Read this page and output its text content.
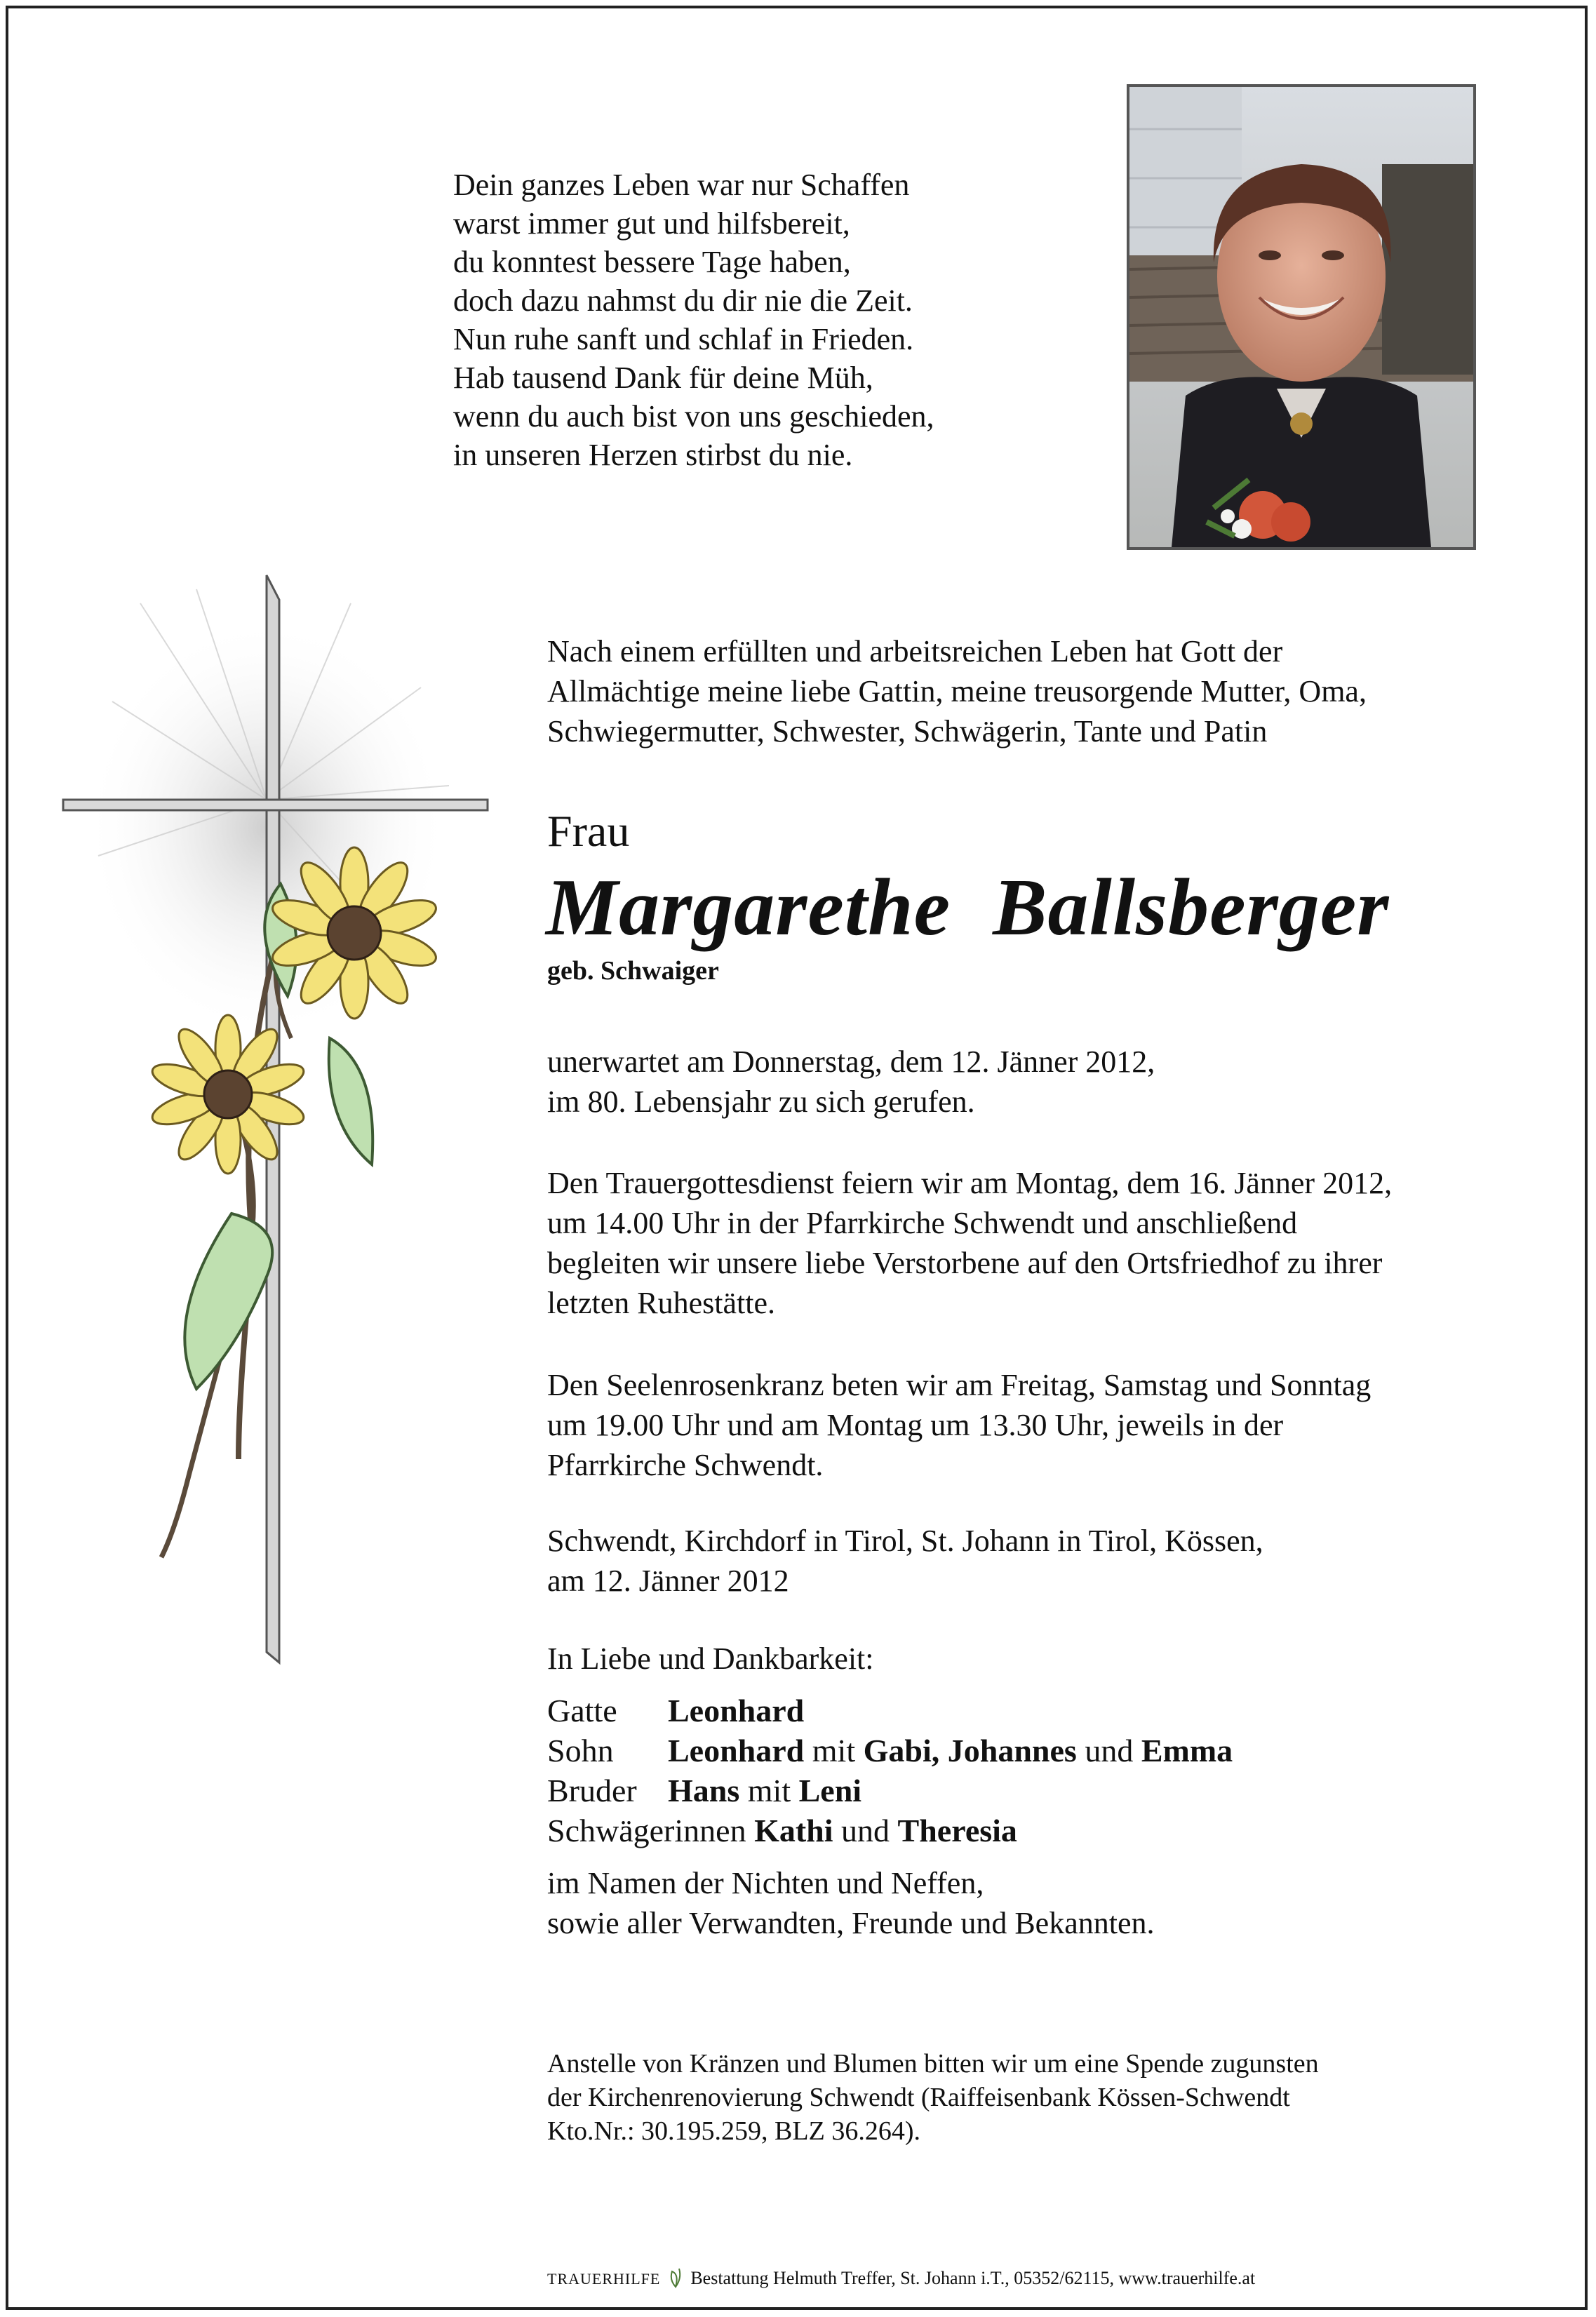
Dein ganzes Leben war nur Schaffen
warst immer gut und hilfsbereit,
du konntest bessere Tage haben,
doch dazu nahmst du dir nie die Zeit.
Nun ruhe sanft und schlaf in Frieden.
Hab tausend Dank für deine Müh,
wenn du auch bist von uns geschieden,
in unseren Herzen stirbst du nie.
Nach einem erfüllten und arbeitsreichen Leben hat Gott der
Allmächtige meine liebe Gattin, meine treusorgende Mutter, Oma,
Schwiegermutter, Schwester, Schwägerin, Tante und Patin
Frau
Margarethe Ballsberger
geb. Schwaiger
unerwartet am Donnerstag, dem 12. Jänner 2012,
im 80. Lebensjahr zu sich gerufen.
Den Trauergottesdienst feiern wir am Montag, dem 16. Jänner 2012,
um 14.00 Uhr in der Pfarrkirche Schwendt und anschließend
begleiten wir unsere liebe Verstorbene auf den Ortsfriedhof zu ihrer
letzten Ruhestätte.
Den Seelenrosenkranz beten wir am Freitag, Samstag und Sonntag
um 19.00 Uhr und am Montag um 13.30 Uhr, jeweils in der
Pfarrkirche Schwendt.
Schwendt, Kirchdorf in Tirol, St. Johann in Tirol, Kössen,
am 12. Jänner 2012
In Liebe und Dankbarkeit:
Gatte Leonhard
Sohn Leonhard mit Gabi, Johannes und Emma
Bruder Hans mit Leni
Schwägerinnen Kathi und Theresia
im Namen der Nichten und Neffen,
sowie aller Verwandten, Freunde und Bekannten.
Anstelle von Kränzen und Blumen bitten wir um eine Spende zugunsten
der Kirchenrenovierung Schwendt (Raiffeisenbank Kössen-Schwendt
Kto.Nr.: 30.195.259, BLZ 36.264).
TRAUERHILFE Bestattung Helmuth Treffer, St. Johann i.T., 05352/62115, www.trauerhilfe.at
